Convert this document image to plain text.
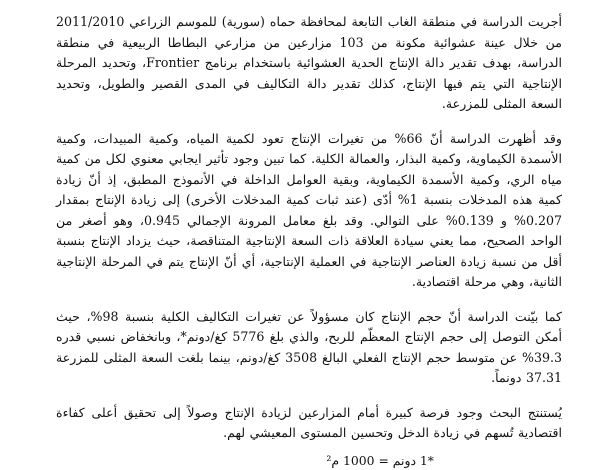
أجريت الدراسة في منطقة الغاب التابعة لمحافظة حماه (سورية) للموسم الزراعي 2011/2010 من خلال عينة عشوائية مكونة من 103 مزارعين من مزارعي البطاطا الربيعية في منطقة الدراسة، بهدف تقدير دالة الإنتاج الحدية العشوائية باستخدام برنامج Frontier، وتحديد المرحلة الإنتاجية التي يتم فيها الإنتاج، كذلك تقدير دالة التكاليف في المدى القصير والطويل، وتحديد السعة المثلى للمزرعة.

وقد أظهرت الدراسة أنّ 66% من تغيرات الإنتاج تعود لكمية المياه، وكمية المبيدات، وكمية الأسمدة الكيماوية، وكمية البذار، والعمالة الكلية. كما تبين وجود تأثير ايجابي معنوي لكل من كمية مياه الري، وكمية الأسمدة الكيماوية، وبقية العوامل الداخلة في الأنموذج المطبق، إذ أنّ زيادة كمية هذه المدخلات بنسبة 1% أدّى (عند ثبات كمية المدخلات الأخرى) إلى زيادة الإنتاج بمقدار 0.207% و 0.139% على التوالي. وقد بلغ معامل المرونة الإجمالي 0.945، وهو أصغر من الواحد الصحيح، مما يعني سيادة العلاقة ذات السعة الإنتاجية المتناقصة، حيث يزداد الإنتاج بنسبة أقل من نسبة زيادة العناصر الإنتاجية في العملية الإنتاجية، أي أنّ الإنتاج يتم في المرحلة الإنتاجية الثانية، وهي مرحلة اقتصادية.

كما بيّنت الدراسة أنّ حجم الإنتاج كان مسؤولاً عن تغيرات التكاليف الكلية بنسبة 98%، حيث أمكن التوصل إلى حجم الإنتاج المعظّم للربح، والذي بلغ 5776 كغ/دونم*، وبانخفاض نسبي قدره 39.3% عن متوسط حجم الإنتاج الفعلي البالغ 3508 كغ/دونم، بينما بلغت السعة المثلى للمزرعة 37.31 دونماً.

يُستنتج البحث وجود فرصة كبيرة أمام المزارعين لزيادة الإنتاج وصولاً إلى تحقيق أعلى كفاءة اقتصادية تُسهم في زيادة الدخل وتحسين المستوى المعيشي لهم.

*1 دونم = 1000 م²
